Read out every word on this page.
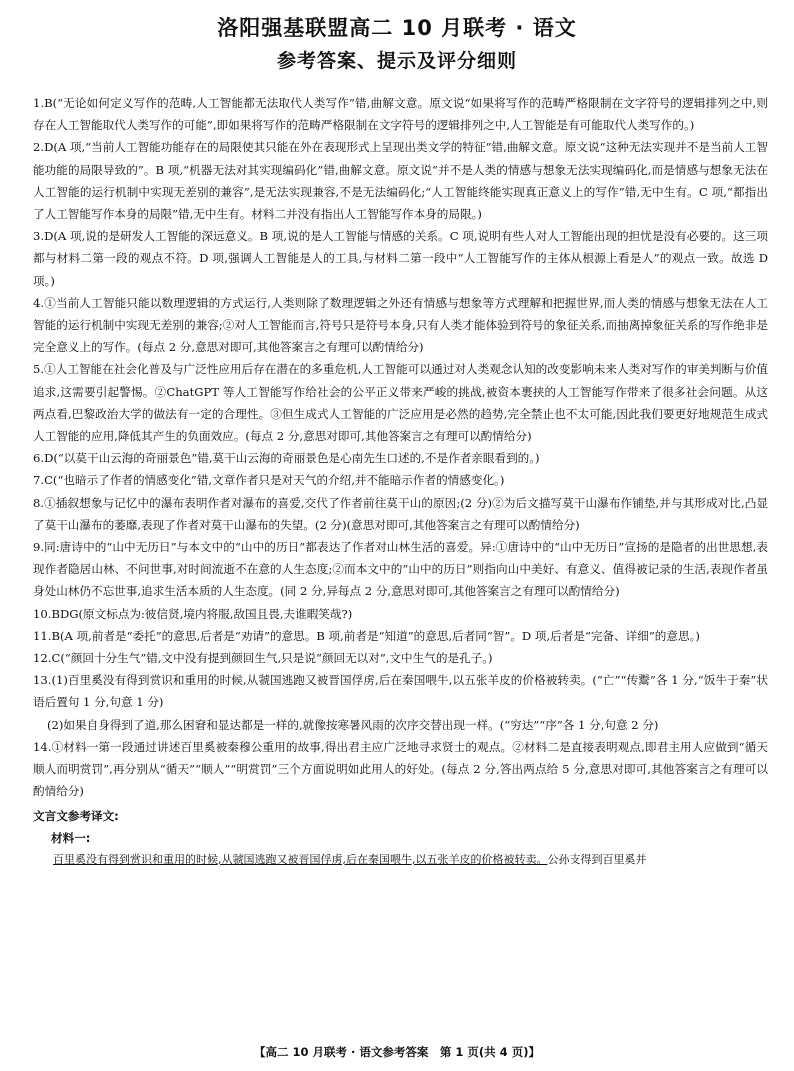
洛阳强基联盟高二 10 月联考 · 语文
参考答案、提示及评分细则
1.B(“无论如何定义写作的范畴,人工智能都无法取代人类写作”错,曲解文意。原文说“如果将写作的范畴严格限制在文字符号的逻辑排列之中,则存在人工智能取代人类写作的可能”,即如果将写作的范畴严格限制在文字符号的逻辑排列之中,人工智能是有可能取代人类写作的。)
2.D(A 项,“当前人工智能功能存在的局限使其只能在外在表现形式上呈现出类文学的特征”错,曲解文意。原文说“这种无法实现并不是当前人工智能功能的局限导致的”。B 项,“机器无法对其实现编码化”错,曲解文意。原文说“并不是人类的情感与想象无法实现编码化,而是情感与想象无法在人工智能的运行机制中实现无差别的兼容”,是无法实现兼容,不是无法编码化;“人工智能终能实现真正意义上的写作”错,无中生有。C 项,“都指出了人工智能写作本身的局限”错,无中生有。材料二并没有指出人工智能写作本身的局限。)
3.D(A 项,说的是研发人工智能的深远意义。B 项,说的是人工智能与情感的关系。C 项,说明有些人对人工智能出现的担忧是没有必要的。这三项都与材料二第一段的观点不符。D 项,强调人工智能是人的工具,与材料二第一段中“人工智能写作的主体从根源上看是人”的观点一致。故选 D 项。)
4.①当前人工智能只能以数理逻辑的方式运行,人类则除了数理逻辑之外还有情感与想象等方式理解和把握世界,而人类的情感与想象无法在人工智能的运行机制中实现无差别的兼容;②对人工智能而言,符号只是符号本身,只有人类才能体验到符号的象征关系,而抽离掉象征关系的写作绝非是完全意义上的写作。(每点 2 分,意思对即可,其他答案言之有理可以酌情给分)
5.①人工智能在社会化普及与广泛性应用后存在潜在的多重危机,人工智能可以通过对人类观念认知的改变影响未来人类对写作的审美判断与价值追求,这需要引起警惕。②ChatGPT 等人工智能写作给社会的公平正义带来严峻的挑战,被资本裹挟的人工智能写作带来了很多社会问题。从这两点看,巴黎政治大学的做法有一定的合理性。③但生成式人工智能的广泛应用是必然的趋势,完全禁止也不太可能,因此我们要更好地规范生成式人工智能的应用,降低其产生的负面效应。(每点 2 分,意思对即可,其他答案言之有理可以酌情给分)
6.D(“以莫干山云海的奇丽景色”错,莫干山云海的奇丽景色是心南先生口述的,不是作者亲眼看到的。)
7.C(“也暗示了作者的情感变化”错,文章作者只是对天气的介绍,并不能暗示作者的情感变化。)
8.①插叙想象与记忆中的瀑布表明作者对瀑布的喜爱,交代了作者前往莫干山的原因;(2 分)②为后文描写莫干山瀑布作铺垫,并与其形成对比,凸显了莫干山瀑布的萎靡,表现了作者对莫干山瀑布的失望。(2 分)(意思对即可,其他答案言之有理可以酌情给分)
9.同:唐诗中的“山中无历日”与本文中的“山中的历日”都表达了作者对山林生活的喜爱。异:①唐诗中的“山中无历日”宣扬的是隐者的出世思想,表现作者隐居山林、不问世事,对时间流逝不在意的人生态度;②而本文中的“山中的历日”则指向山中美好、有意义、值得被记录的生活,表现作者虽身处山林仍不忘世事,追求生活本质的人生态度。(同 2 分,异每点 2 分,意思对即可,其他答案言之有理可以酌情给分)
10.BDG(原文标点为:彼信贤,境内将服,敌国且畏,夫谁暇笑哉?)
11.B(A 项,前者是“委托”的意思,后者是“劝请”的意思。B 项,前者是“知道”的意思,后者同“智”。D 项,后者是“完备、详细”的意思。)
12.C(“颜回十分生气”错,文中没有提到颜回生气,只是说“颜回无以对”,文中生气的是孔子。)
13.(1)百里奚没有得到赏识和重用的时候,从虢国逃跑又被晋国俘虏,后在秦国喂牛,以五张羊皮的价格被转卖。(“亡”“传鬻”各 1 分,“饭牛于秦”状语后置句 1 分,句意 1 分)
(2)如果自身得到了道,那么困窘和显达都是一样的,就像按寒暑风雨的次序交替出现一样。(“穷达”“序”各 1 分,句意 2 分)
14.①材料一第一段通过讲述百里奚被秦穆公重用的故事,得出君主应广泛地寻求贤士的观点。②材料二是直接表明观点,即君主用人应做到“循天顺人而明赏罚”,再分别从“循天”“顺人”“明赏罚”三个方面说明如此用人的好处。(每点 2 分,答出两点给 5 分,意思对即可,其他答案言之有理可以酌情给分)
文言文参考译文:
材料一:
百里奚没有得到赏识和重用的时候,从虢国逃跑又被晋国俘虏,后在秦国喂牛,以五张羊皮的价格被转卖。公孙支得到百里奚并
【高二 10 月联考 · 语文参考答案　第 1 页(共 4 页)】
